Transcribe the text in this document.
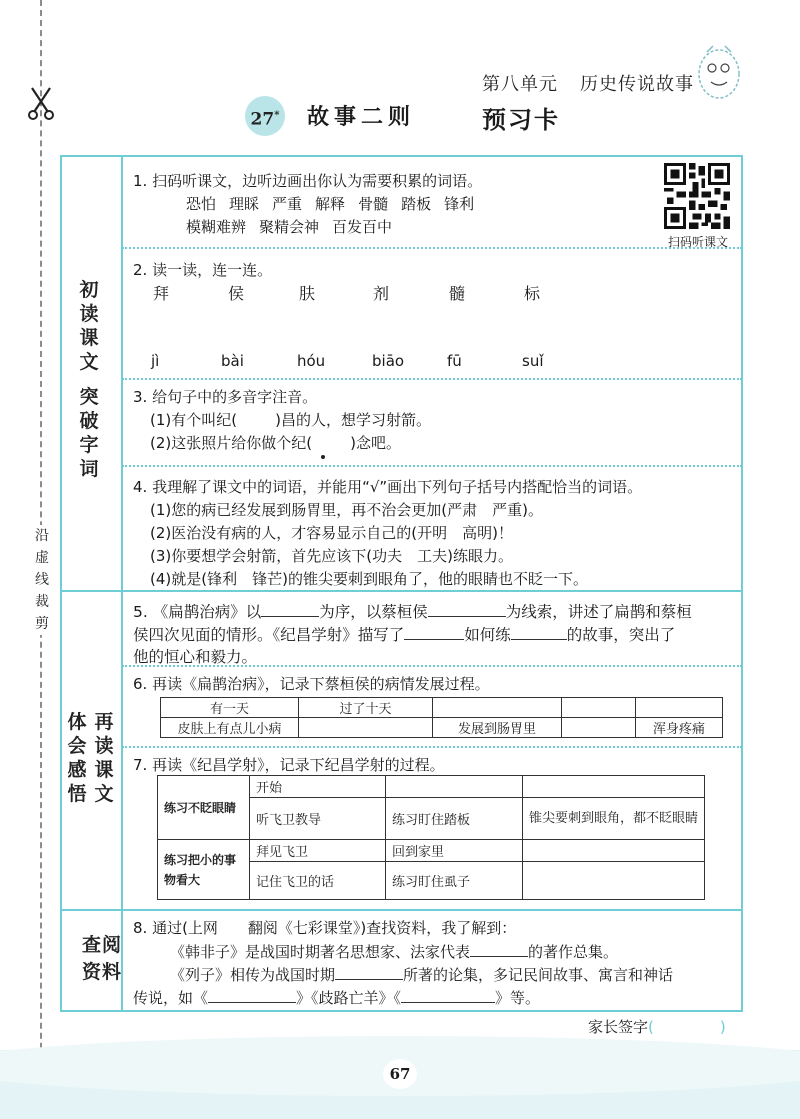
沿虚线裁剪
第八单元 历史传说故事
27* 故事二则	预习卡
初读课文
突破字词
再读课文
体会感悟
查阅
资料
1. 扫码听课文，边听边画出你认为需要积累的词语。
恐怕 理睬 严重 解释 骨髓 踏板 锋利
模糊难辨 聚精会神 百发百中
扫码听课文
2. 读一读，连一连。
拜	侯	肤	剂	髓	标
jì	bài	hóu	biāo	fū	suǐ
3. 给句子中的多音字注音。
(1)有个叫纪(	)昌的人，想学习射箭。
(2)这张照片给你做个纪(	)念吧。
4. 我理解了课文中的词语，并能用“√”画出下列句子括号内搭配恰当的词语。
(1)您的病已经发展到肠胃里，再不治会更加(严肃　严重)。
(2)医治没有病的人，才容易显示自己的(开明　高明)！
(3)你要想学会射箭，首先应该下(功夫　工夫)练眼力。
(4)就是(锋利　锋芒)的锥尖要刺到眼角了，他的眼睛也不眨一下。
5. 《扁鹊治病》以	为序，以蔡桓侯	为线索，讲述了扁鹊和蔡桓
侯四次见面的情形。《纪昌学射》描写了	如何练	的故事，突出了
他的恒心和毅力。
6. 再读《扁鹊治病》，记录下蔡桓侯的病情发展过程。
有一天	过了十天			
皮肤上有点儿小病		发展到肠胃里		浑身疼痛
7. 再读《纪昌学射》，记录下纪昌学射的过程。
练习不眨眼睛	开始		
	听飞卫教导	练习盯住踏板	锥尖要刺到眼角，都不眨眼睛
练习把小的事物看大	拜见飞卫	回到家里	
	记住飞卫的话	练习盯住虱子	
8. 通过(上网　　翻阅《七彩课堂》)查找资料，我了解到：
《韩非子》是战国时期著名思想家、法家代表	的著作总集。
《列子》相传为战国时期	所著的论集，多记民间故事、寓言和神话
传说，如《	》《歧路亡羊》《	》等。
家长签字(	)
67
